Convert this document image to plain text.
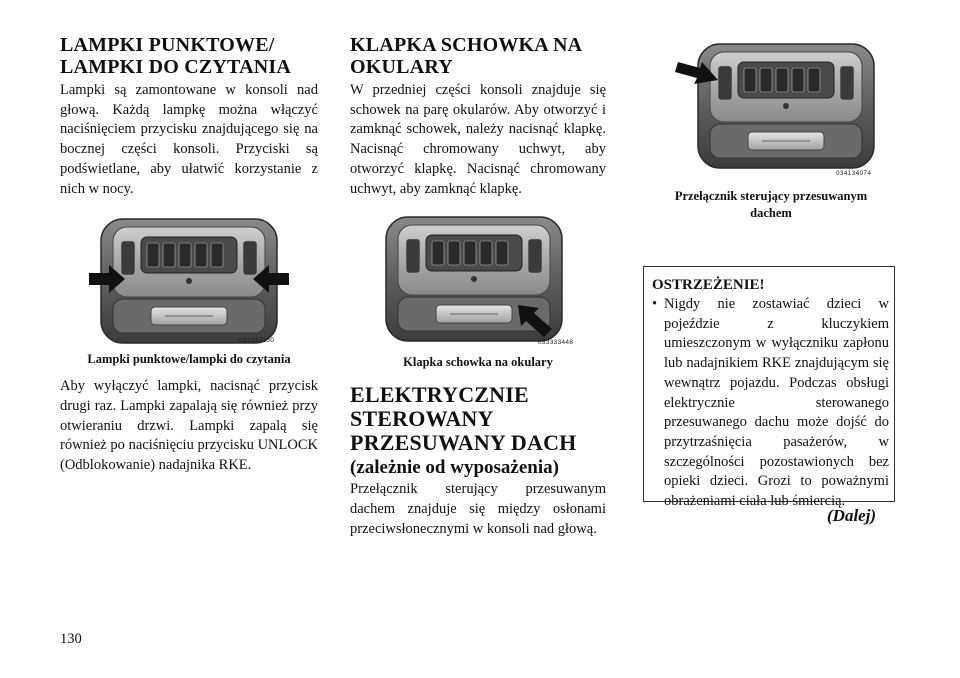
LAMPKI PUNKTOWE/
LAMPKI DO CZYTANIA

Lampki są zamontowane w konsoli nad głową. Każdą lampkę można włączyć naciśnięciem przycisku znajdującego się na bocznej części konsoli. Przyciski są podświetlane, aby ułatwić korzystanie z nich w nocy.

031433150
Lampki punktowe/lampki do czytania

Aby wyłączyć lampki, nacisnąć przycisk drugi raz. Lampki zapalają się również przy otwieraniu drzwi. Lampki zapalą się również po naciśnięciu przycisku UNLOCK (Odblokowanie) nadajnika RKE.

KLAPKA SCHOWKA NA
OKULARY

W przedniej części konsoli znajduje się schowek na parę okularów. Aby otworzyć i zamknąć schowek, należy nacisnąć klapkę. Nacisnąć chromowany uchwyt, aby otworzyć klapkę. Nacisnąć chromowany uchwyt, aby zamknąć klapkę.

033333448
Klapka schowka na okulary
ELEKTRYCZNIE
STEROWANY
PRZESUWANY DACH
(zależnie od wyposażenia)

Przełącznik sterujący przesuwanym dachem znajduje się między osłonami przeciwsłonecznymi w konsoli nad głową.

034134074
Przełącznik sterujący przesuwanym
dachem
OSTRZEŻENIE!
• Nigdy nie zostawiać dzieci w pojeździe z kluczykiem umieszczonym w wyłączniku zapłonu lub nadajnikiem RKE znajdującym się wewnątrz pojazdu. Podczas obsługi elektrycznie sterowanego przesuwanego dachu może dojść do przytrzaśnięcia pasażerów, w szczególności pozostawionych bez opieki dzieci. Grozi to poważnymi obrażeniami ciała lub śmiercią.
(Dalej)
130
